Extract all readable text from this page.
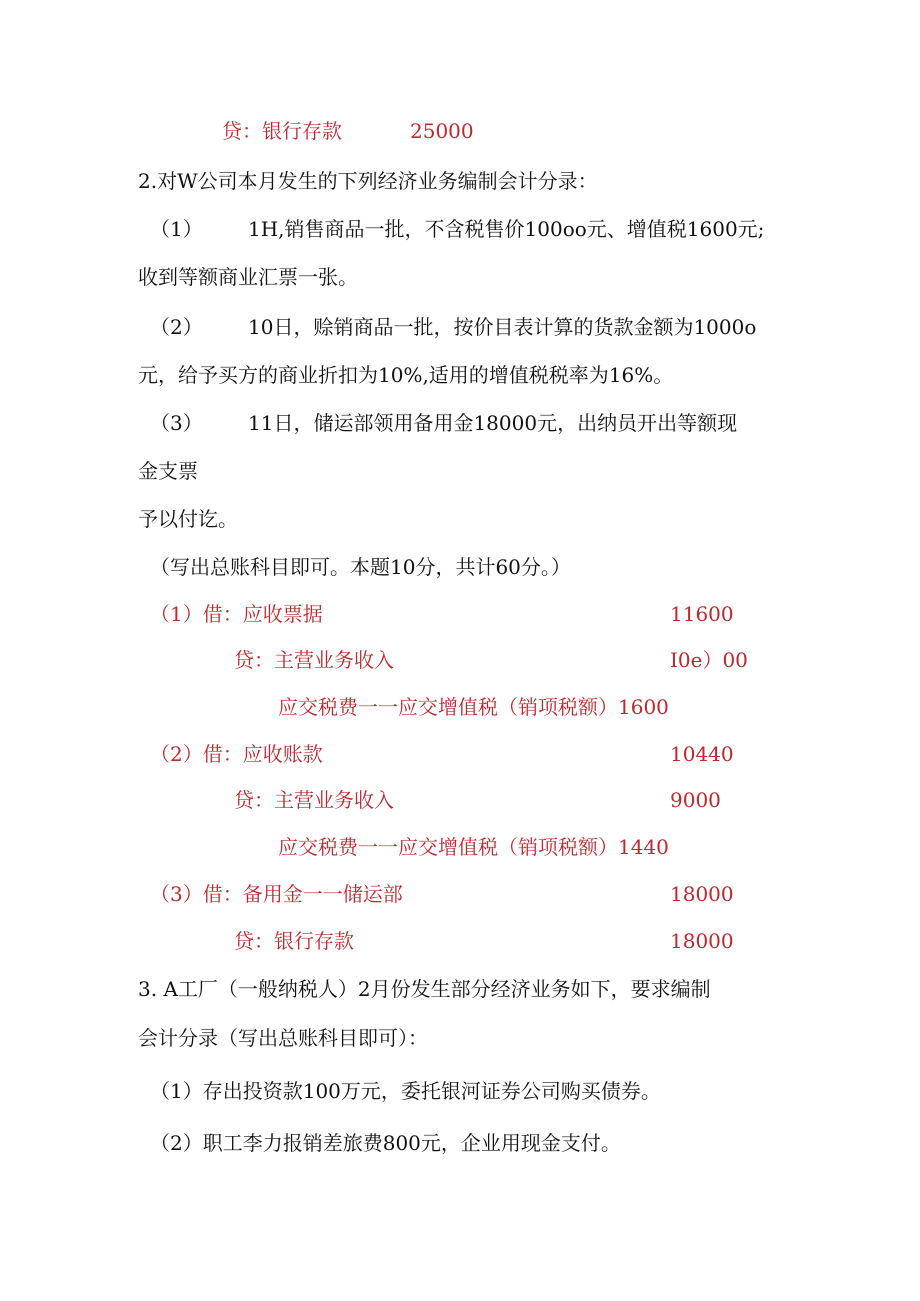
贷：银行存款	25000
2.对W公司本月发生的下列经济业务编制会计分录：
（1） 1H,销售商品一批，不含税售价100oo元、增值税1600元;
收到等额商业汇票一张。
（2） 10日，赊销商品一批，按价目表计算的货款金额为1000o
元，给予买方的商业折扣为10%,适用的增值税税率为16%。
（3） 11日，储运部领用备用金18000元，出纳员开出等额现
金支票
予以付讫。
（写出总账科目即可。本题10分，共计60分。）
（1）借：应收票据	11600
贷：主营业务收入	I0e）00
应交税费一一应交增值税（销项税额）1600
（2）借：应收账款	10440
贷：主营业务收入	9000
应交税费一一应交增值税（销项税额）1440
（3）借：备用金一一储运部	18000
贷：银行存款	18000
3. A工厂（一般纳税人）2月份发生部分经济业务如下，要求编制
会计分录（写出总账科目即可）：
（1）存出投资款100万元，委托银河证券公司购买债券。
（2）职工李力报销差旅费800元，企业用现金支付。
